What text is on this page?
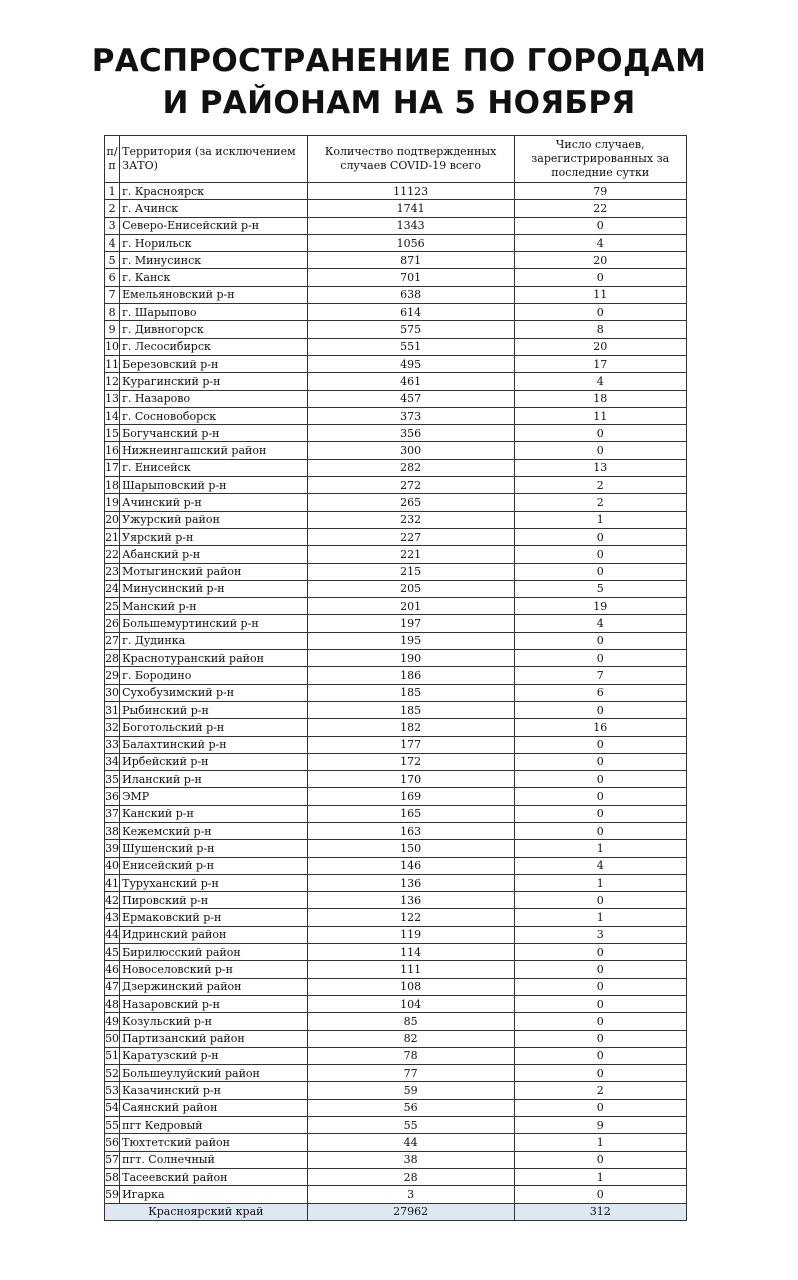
РАСПРОСТРАНЕНИЕ ПО ГОРОДАМ
И РАЙОНАМ НА 5 НОЯБРЯ
п/п	Территория (за исключением ЗАТО)	Количество подтвержденных случаев COVID-19 всего	Число случаев, зарегистрированных за последние сутки
1	г. Красноярск	11123	79
2	г. Ачинск	1741	22
3	Северо-Енисейский р-н	1343	0
4	г. Норильск	1056	4
5	г. Минусинск	871	20
6	г. Канск	701	0
7	Емельяновский р-н	638	11
8	г. Шарыпово	614	0
9	г. Дивногорск	575	8
10	г. Лесосибирск	551	20
11	Березовский р-н	495	17
12	Курагинский р-н	461	4
13	г. Назарово	457	18
14	г. Сосновоборск	373	11
15	Богучанский р-н	356	0
16	Нижнеингашский район	300	0
17	г. Енисейск	282	13
18	Шарыповский р-н	272	2
19	Ачинский р-н	265	2
20	Ужурский район	232	1
21	Уярский р-н	227	0
22	Абанский р-н	221	0
23	Мотыгинский район	215	0
24	Минусинский р-н	205	5
25	Манский р-н	201	19
26	Большемуртинский р-н	197	4
27	г. Дудинка	195	0
28	Краснотуранский район	190	0
29	г. Бородино	186	7
30	Сухобузимский р-н	185	6
31	Рыбинский р-н	185	0
32	Боготольский р-н	182	16
33	Балахтинский р-н	177	0
34	Ирбейский р-н	172	0
35	Иланский р-н	170	0
36	ЭМР	169	0
37	Канский р-н	165	0
38	Кежемский р-н	163	0
39	Шушенский р-н	150	1
40	Енисейский р-н	146	4
41	Туруханский р-н	136	1
42	Пировский р-н	136	0
43	Ермаковский р-н	122	1
44	Идринский район	119	3
45	Бирилюсский район	114	0
46	Новоселовский р-н	111	0
47	Дзержинский район	108	0
48	Назаровский р-н	104	0
49	Козульский р-н	85	0
50	Партизанский район	82	0
51	Каратузский р-н	78	0
52	Большеулуйский район	77	0
53	Казачинский р-н	59	2
54	Саянский район	56	0
55	пгт Кедровый	55	9
56	Тюхтетский район	44	1
57	пгт. Солнечный	38	0
58	Тасеевский район	28	1
59	Игарка	3	0
Красноярский край		27962	312
